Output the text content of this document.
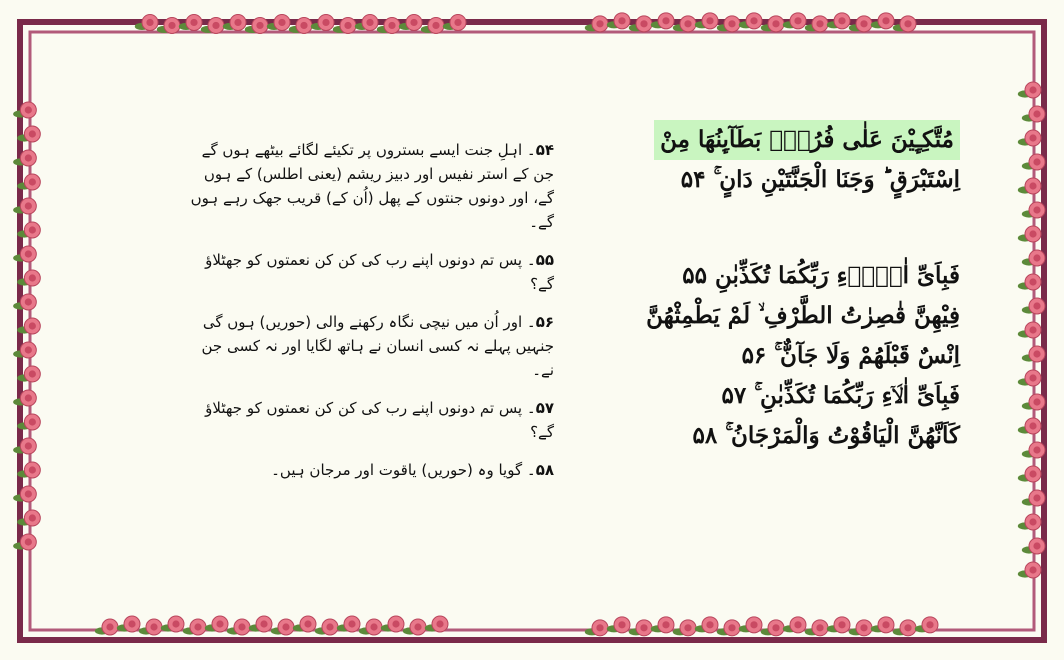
۵۴۔ اہلِ جنت ایسے بستروں پر تکیئے لگائے بیٹھے ہوں گے جن کے استر نفیس اور دبیز ریشم (یعنی اطلس) کے ہوں گے، اور دونوں جنتوں کے پھل (اُن کے) قریب جھک رہے ہوں گے۔

۵۵۔ پس تم دونوں اپنے رب کی کن کن نعمتوں کو جھٹلاؤ گے؟

۵۶۔ اور اُن میں نیچی نگاہ رکھنے والی (حوریں) ہوں گی جنہیں پہلے نہ کسی انسان نے ہاتھ لگایا اور نہ کسی جن نے۔

۵۷۔ پس تم دونوں اپنے رب کی کن کن نعمتوں کو جھٹلاؤ گے؟

۵۸۔ گویا وہ (حوریں) یاقوت اور مرجان ہیں۔

مُتَّكِـِٕيْنَ عَلٰى فُرُشٍۢ بَطَآٮِٕنُهَا مِنْ
اِسْتَبْرَقٍ ؕ وَجَنَا الْجَنَّتَيْنِ دَانٍ ۚ ۵۴
فَبِاَىِّ اٰلَاۤءِ رَبِّكُمَا تُكَذِّبٰنِ ۵۵
فِيْهِنَّ قٰصِرٰتُ الطَّرْفِ ۙ لَمْ يَطْمِثْهُنَّ
اِنْسٌ قَبْلَهُمْ وَلَا جَآنٌّ ۚ ۵۶
فَبِاَىِّ اٰلَاۤءِ رَبِّكُمَا تُكَذِّبٰنِ ۚ ۵۷
كَاَنَّهُنَّ الْيَاقُوْتُ وَالْمَرْجَانُ ۚ ۵۸
